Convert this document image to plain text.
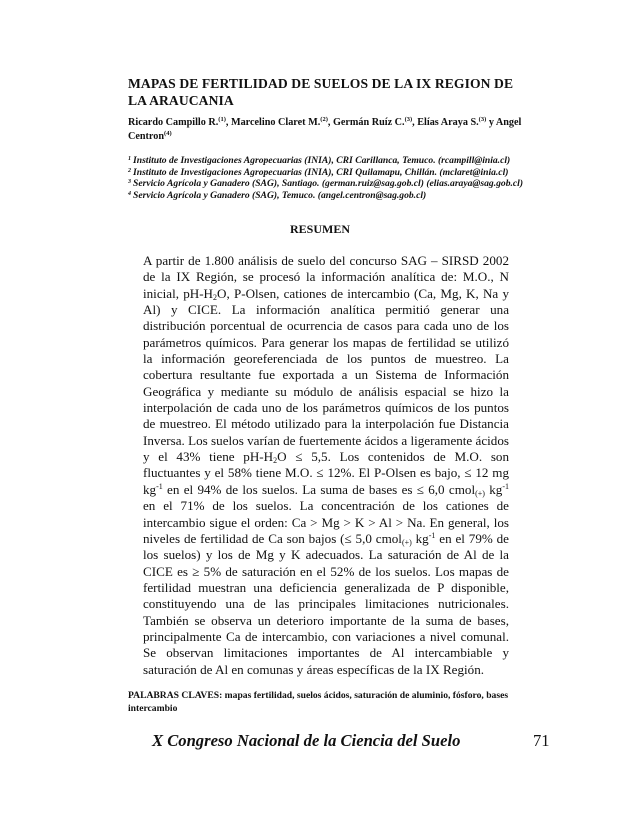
MAPAS DE FERTILIDAD DE SUELOS DE LA IX REGION DE LA ARAUCANIA
Ricardo Campillo R.$^{(1)}$, Marcelino Claret M.$^{(2)}$, Germán Ruíz C.$^{(3)}$, Elías Araya S.$^{(3)}$ y Angel Centron$^{(4)}$
$^1$ Instituto de Investigaciones Agropecuarias (INIA), CRI Carillanca, Temuco. (rcampill@inia.cl)
$^2$ Instituto de Investigaciones Agropecuarias (INIA), CRI Quilamapu, Chillán. (mclaret@inia.cl)
$^3$ Servicio Agrícola y Ganadero (SAG), Santiago. (german.ruiz@sag.gob.cl) (elias.araya@sag.gob.cl)
$^4$ Servicio Agrícola y Ganadero (SAG), Temuco. (angel.centron@sag.gob.cl)
RESUMEN
A partir de 1.800 análisis de suelo del concurso SAG – SIRSD 2002 de la IX Región, se procesó la información analítica de: M.O., N inicial, $pH-H_2O$, P-Olsen, cationes de intercambio (Ca, Mg, K, Na y Al) y CICE. La información analítica permitió generar una distribución porcentual de ocurrencia de casos para cada uno de los parámetros químicos. Para generar los mapas de fertilidad se utilizó la información georeferenciada de los puntos de muestreo. La cobertura resultante fue exportada a un Sistema de Información Geográfica y mediante su módulo de análisis espacial se hizo la interpolación de cada uno de los parámetros químicos de los puntos de muestreo. El método utilizado para la interpolación fue Distancia Inversa. Los suelos varían de fuertemente ácidos a ligeramente ácidos y el 43% tiene $pH-H_2O \le 5,5$. Los contenidos de M.O. son fluctuantes y el 58% tiene M.O. ≤ 12%. El P-Olsen es bajo, ≤ 12 mg $kg^{-1}$ en el 94% de los suelos. La suma de bases es ≤ 6,0 cmol$_{(+)}$ $kg^{-1}$ en el 71% de los suelos. La concentración de los cationes de intercambio sigue el orden: Ca > Mg > K > Al > Na. En general, los niveles de fertilidad de Ca son bajos (≤ 5,0 cmol$_{(+)}$ $kg^{-1}$ en el 79% de los suelos) y los de Mg y K adecuados. La saturación de Al de la CICE es ≥ 5% de saturación en el 52% de los suelos. Los mapas de fertilidad muestran una deficiencia generalizada de P disponible, constituyendo una de las principales limitaciones nutricionales. También se observa un deterioro importante de la suma de bases, principalmente Ca de intercambio, con variaciones a nivel comunal. Se observan limitaciones importantes de Al intercambiable y saturación de Al en comunas y áreas específicas de la IX Región.
PALABRAS CLAVES: mapas fertilidad, suelos ácidos, saturación de aluminio, fósforo, bases intercambio
X Congreso Nacional de la Ciencia del Suelo	71
